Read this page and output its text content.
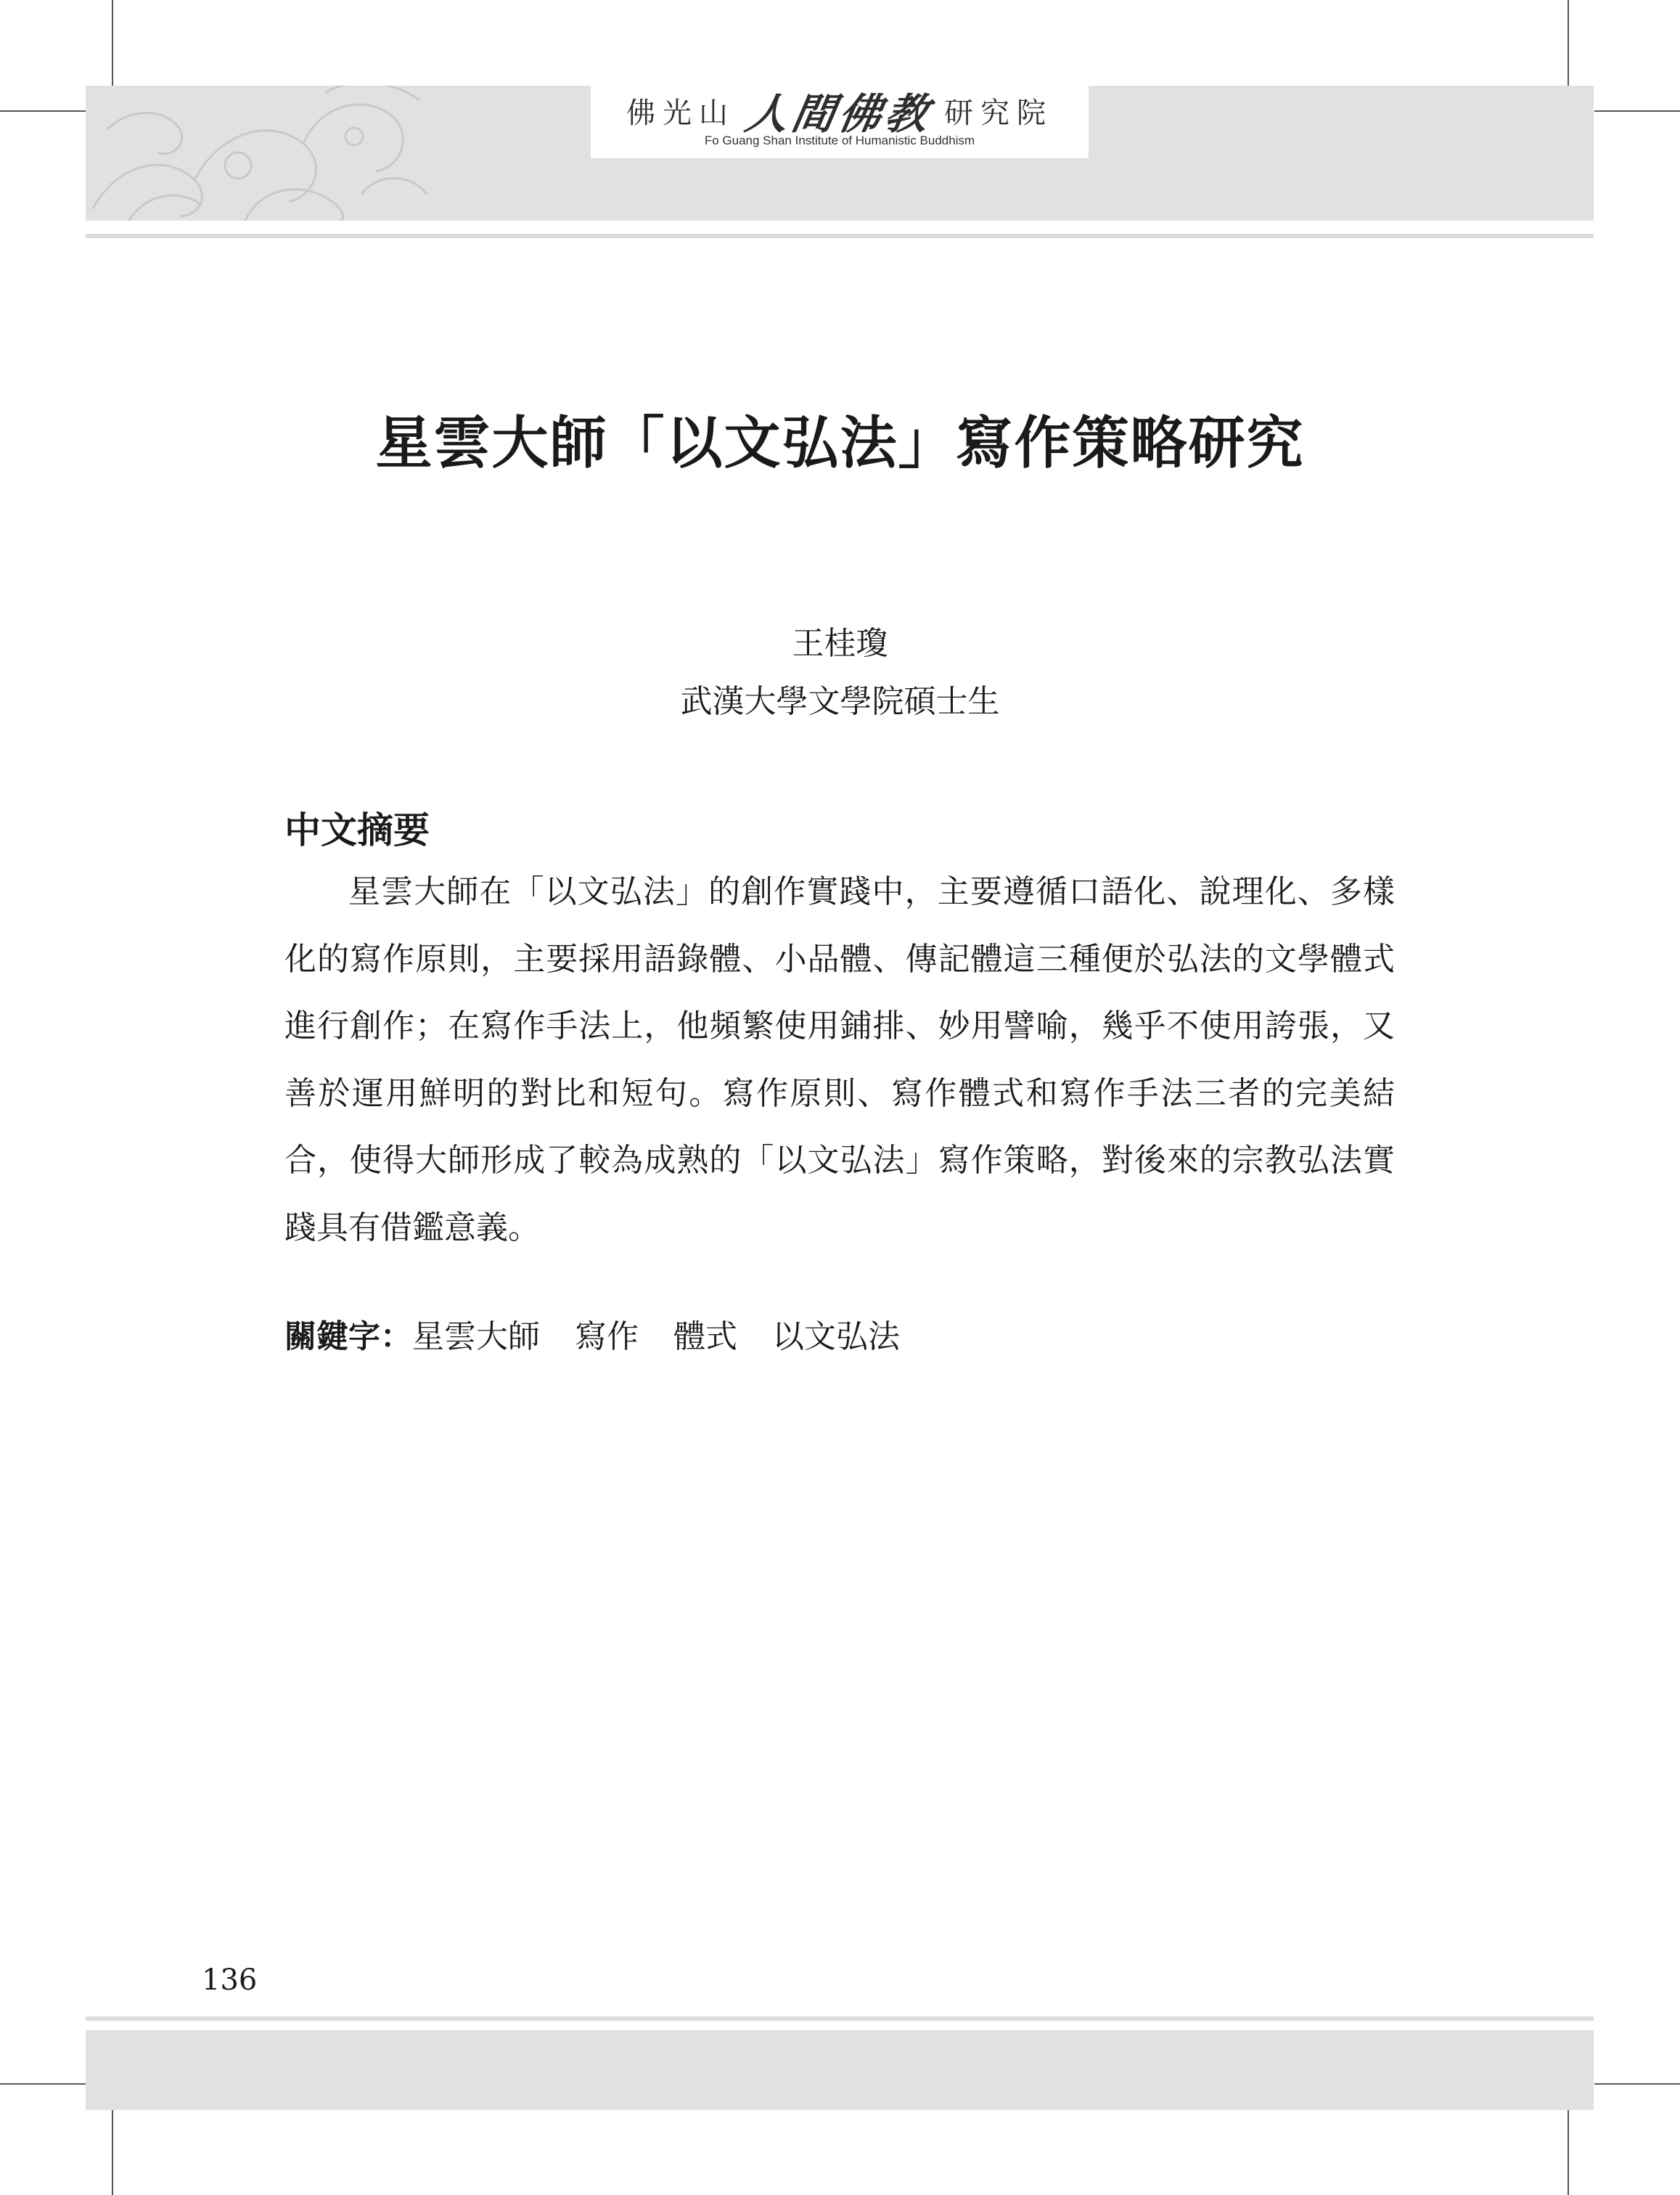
佛光山 人間佛教 研究院
Fo Guang Shan Institute of Humanistic Buddhism
星雲大師「以文弘法」寫作策略研究
王桂瓊
武漢大學文學院碩士生
中文摘要

星雲大師在「以文弘法」的創作實踐中，主要遵循口語化、說理化、多樣化的寫作原則，主要採用語錄體、小品體、傳記體這三種便於弘法的文學體式進行創作；在寫作手法上，他頻繁使用鋪排、妙用譬喻，幾乎不使用誇張，又善於運用鮮明的對比和短句。寫作原則、寫作體式和寫作手法三者的完美結合，使得大師形成了較為成熟的「以文弘法」寫作策略，對後來的宗教弘法實踐具有借鑑意義。

關鍵字：星雲大師 寫作 體式 以文弘法
136
